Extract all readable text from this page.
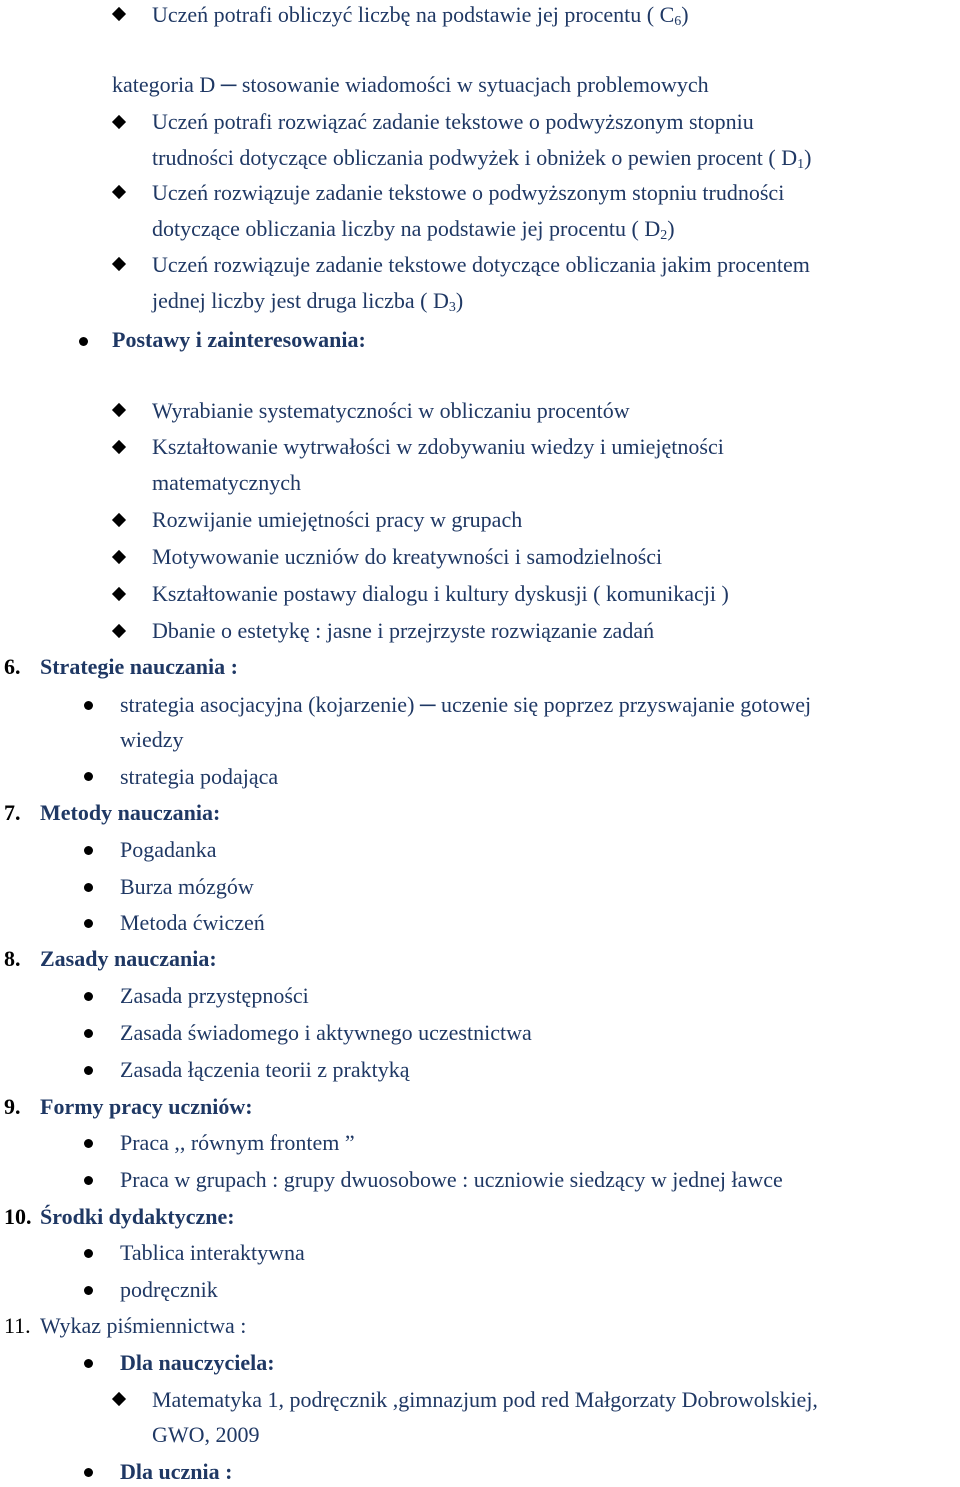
Uczeń potrafi obliczyć liczbę na podstawie jej procentu ( $C_6$)
kategoria D ─ stosowanie wiadomości w sytuacjach problemowych
Uczeń potrafi rozwiązać zadanie tekstowe o podwyższonym stopniu
trudności dotyczące obliczania podwyżek i obniżek o pewien procent ( $D_1$)
Uczeń rozwiązuje zadanie tekstowe o podwyższonym stopniu trudności
dotyczące obliczania liczby na podstawie jej procentu ( $D_2$)
Uczeń rozwiązuje zadanie tekstowe dotyczące obliczania jakim procentem
jednej liczby jest druga liczba ( $D_3$)
Postawy i zainteresowania:
Wyrabianie systematyczności w obliczaniu procentów
Kształtowanie wytrwałości w zdobywaniu wiedzy i umiejętności
matematycznych
Rozwijanie umiejętności pracy w grupach
Motywowanie uczniów do kreatywności i samodzielności
Kształtowanie postawy dialogu i kultury dyskusji ( komunikacji )
Dbanie o estetykę : jasne i przejrzyste rozwiązanie zadań
6. Strategie nauczania :
strategia asocjacyjna (kojarzenie) ─ uczenie się poprzez przyswajanie gotowej
wiedzy
strategia podająca
7. Metody nauczania:
Pogadanka
Burza mózgów
Metoda ćwiczeń
8. Zasady nauczania:
Zasada przystępności
Zasada świadomego i aktywnego uczestnictwa
Zasada łączenia teorii z praktyką
9. Formy pracy uczniów:
Praca ,, równym frontem ”
Praca w grupach : grupy dwuosobowe : uczniowie siedzący w jednej ławce
10. Środki dydaktyczne:
Tablica interaktywna
podręcznik
11. Wykaz piśmiennictwa :
Dla nauczyciela:
Matematyka 1, podręcznik ,gimnazjum pod red Małgorzaty Dobrowolskiej,
GWO, 2009
Dla ucznia :
